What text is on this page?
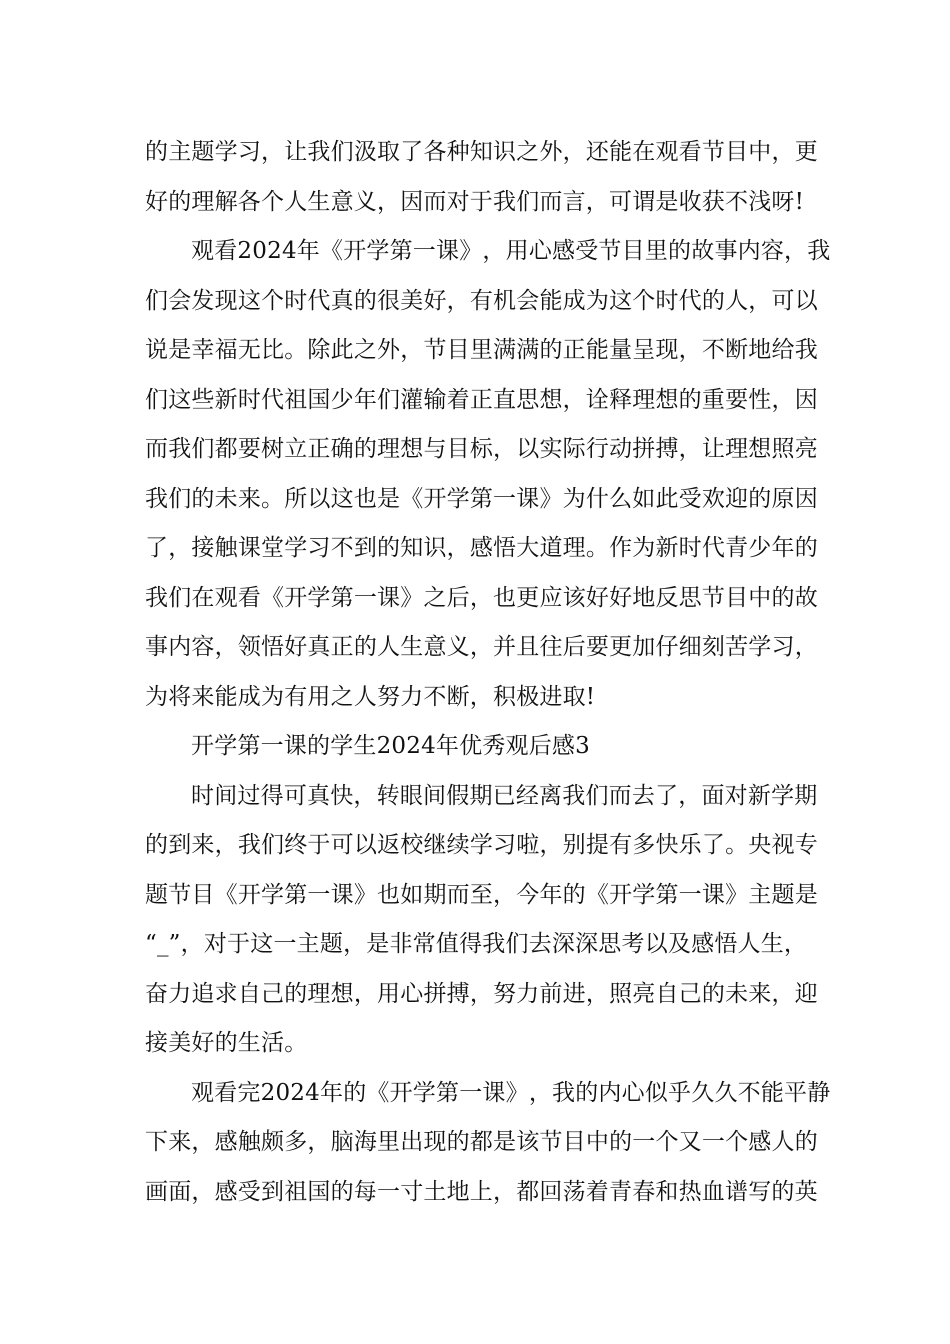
的 主 题 学 习 ， 让 我 们 汲 取 了 各 种 知 识 之 外 ， 还 能 在 观 看 节 目 中 ， 更
好的理解各个人生意义，因而对于我们而言，可谓是收获不浅呀!
观 看 2 0 2 4 年 《 开 学 第 一 课 》 ， 用 心 感 受 节 目 里 的 故 事 内 容 ， 我
们 会 发 现 这 个 时 代 真 的 很 美 好 ， 有 机 会 能 成 为 这 个 时 代 的 人 ， 可 以
说 是 幸 福 无 比 。 除 此 之 外 ， 节 目 里 满 满 的 正 能 量 呈 现 ， 不 断 地 给 我
们 这 些 新 时 代 祖 国 少 年 们 灌 输 着 正 直 思 想 ， 诠 释 理 想 的 重 要 性 ， 因
而 我 们 都 要 树 立 正 确 的 理 想 与 目 标 ， 以 实 际 行 动 拼 搏 ， 让 理 想 照 亮
我 们 的 未 来 。 所 以 这 也 是 《 开 学 第 一 课 》 为 什 么 如 此 受 欢 迎 的 原 因
了 ， 接 触 课 堂 学 习 不 到 的 知 识 ， 感 悟 大 道 理 。 作 为 新 时 代 青 少 年 的
我 们 在 观 看 《 开 学 第 一 课 》 之 后 ， 也 更 应 该 好 好 地 反 思 节 目 中 的 故
事 内 容 ， 领 悟 好 真 正 的 人 生 意 义 ， 并 且 往 后 要 更 加 仔 细 刻 苦 学 习 ，
为将来能成为有用之人努力不断，积极进取!
开学第一课的学生2024年优秀观后感3
时 间 过 得 可 真 快 ， 转 眼 间 假 期 已 经 离 我 们 而 去 了 ， 面 对 新 学 期
的 到 来 ， 我 们 终 于 可 以 返 校 继 续 学 习 啦 ， 别 提 有 多 快 乐 了 。 央 视 专
题 节 目 《 开 学 第 一 课 》 也 如 期 而 至 ， 今 年 的 《 开 学 第 一 课 》 主 题 是
“ _ ” ， 对 于 这 一 主 题 ， 是 非 常 值 得 我 们 去 深 深 思 考 以 及 感 悟 人 生 ，
奋 力 追 求 自 己 的 理 想 ， 用 心 拼 搏 ， 努 力 前 进 ， 照 亮 自 己 的 未 来 ， 迎
接美好的生活。
观 看 完 2 0 2 4 年 的 《 开 学 第 一 课 》 ， 我 的 内 心 似 乎 久 久 不 能 平 静
下 来 ， 感 触 颇 多 ， 脑 海 里 出 现 的 都 是 该 节 目 中 的 一 个 又 一 个 感 人 的
画面，感受到祖国的每一寸土地上，都回荡着青春和热血谱写的英
